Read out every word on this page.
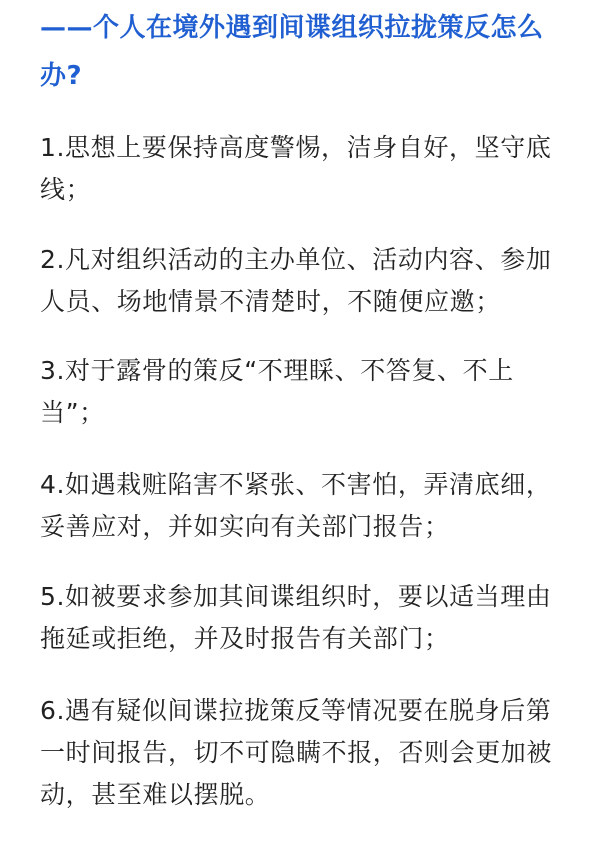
——个人在境外遇到间谍组织拉拢策反怎么办?

1.思想上要保持高度警惕，洁身自好，坚守底线；

2.凡对组织活动的主办单位、活动内容、参加人员、场地情景不清楚时，不随便应邀；

3.对于露骨的策反“不理睬、不答复、不上当”；

4.如遇栽赃陷害不紧张、不害怕，弄清底细，妥善应对，并如实向有关部门报告；

5.如被要求参加其间谍组织时，要以适当理由拖延或拒绝，并及时报告有关部门；

6.遇有疑似间谍拉拢策反等情况要在脱身后第一时间报告，切不可隐瞒不报，否则会更加被动，甚至难以摆脱。
